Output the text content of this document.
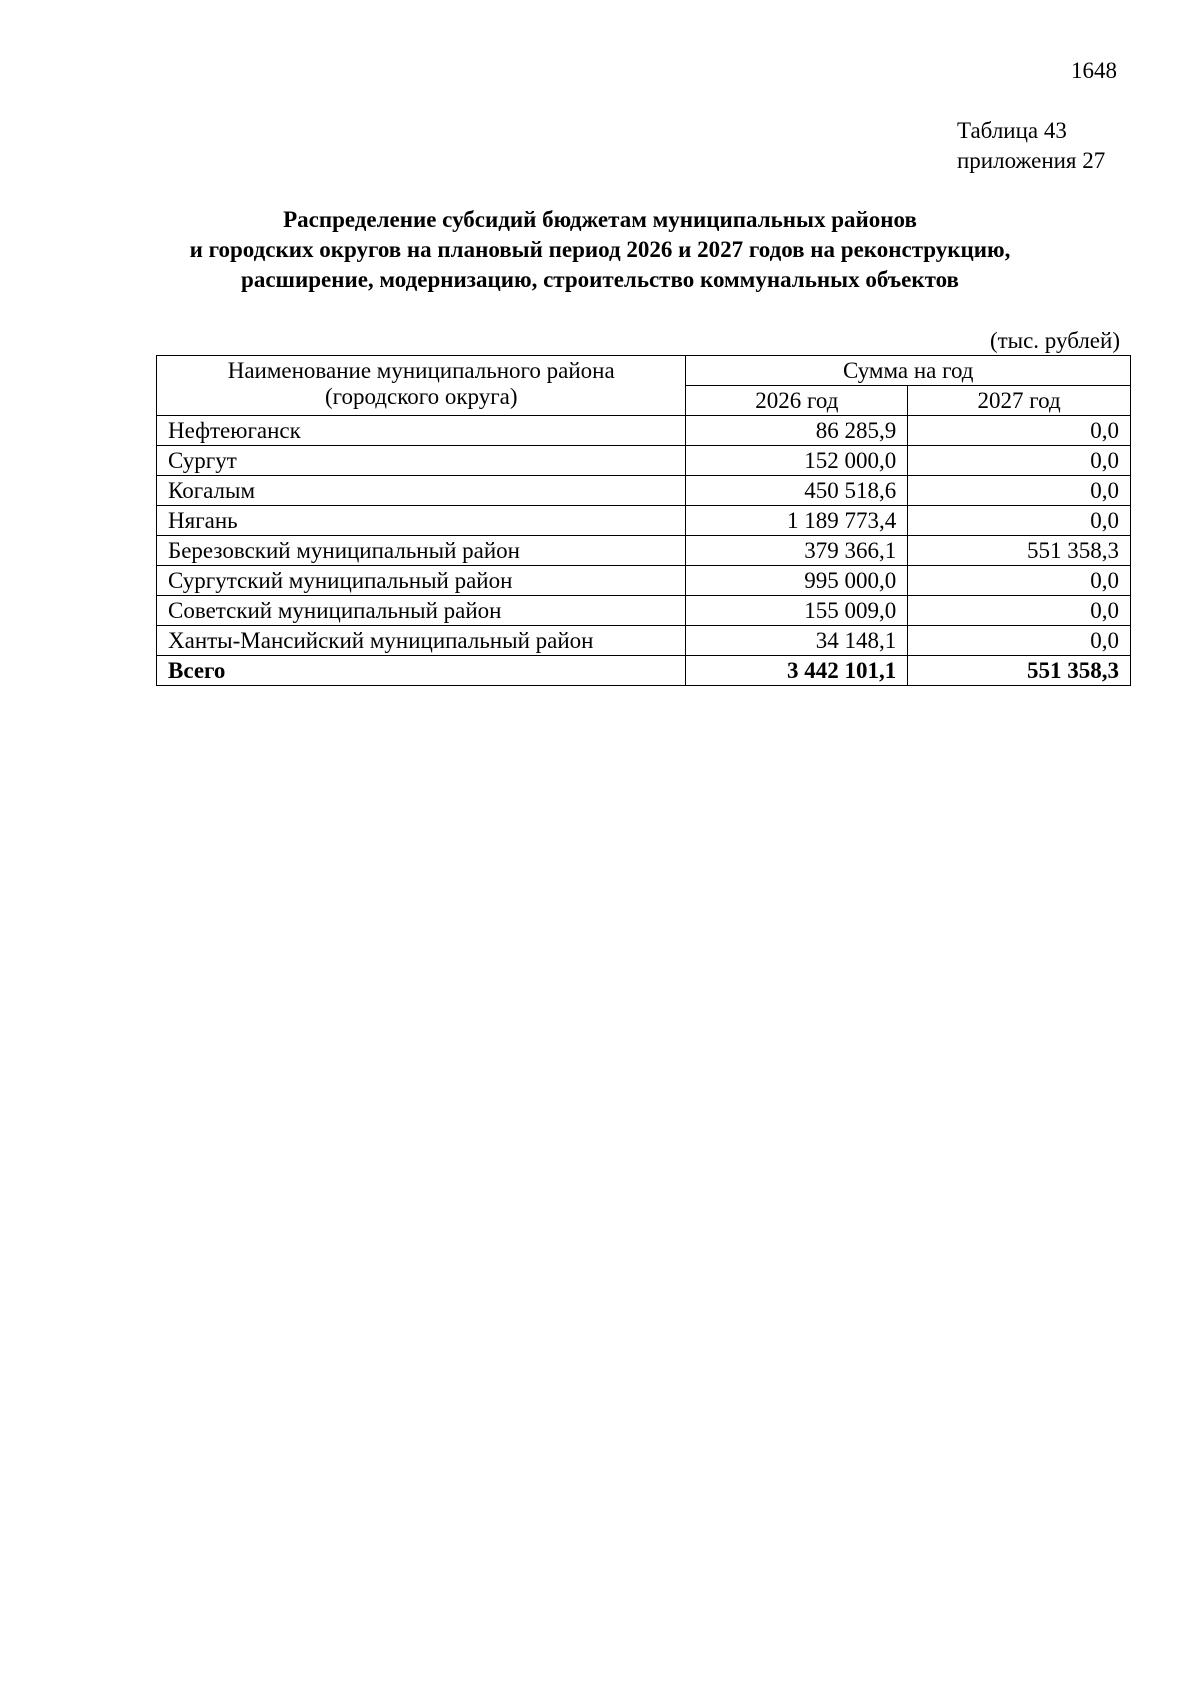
1648
Таблица 43
приложения 27
Распределение субсидий бюджетам муниципальных районов
и городских округов на плановый период 2026 и 2027 годов на реконструкцию,
расширение, модернизацию, строительство коммунальных объектов
(тыс. рублей)
Наименование муниципального района
(городского округа)	Сумма на год	
	2026 год	2027 год
Нефтеюганск	86 285,9	0,0
Сургут	152 000,0	0,0
Когалым	450 518,6	0,0
Нягань	1 189 773,4	0,0
Березовский муниципальный район	379 366,1	551 358,3
Сургутский муниципальный район	995 000,0	0,0
Советский муниципальный район	155 009,0	0,0
Ханты-Мансийский муниципальный район	34 148,1	0,0
Всего	3 442 101,1	551 358,3
